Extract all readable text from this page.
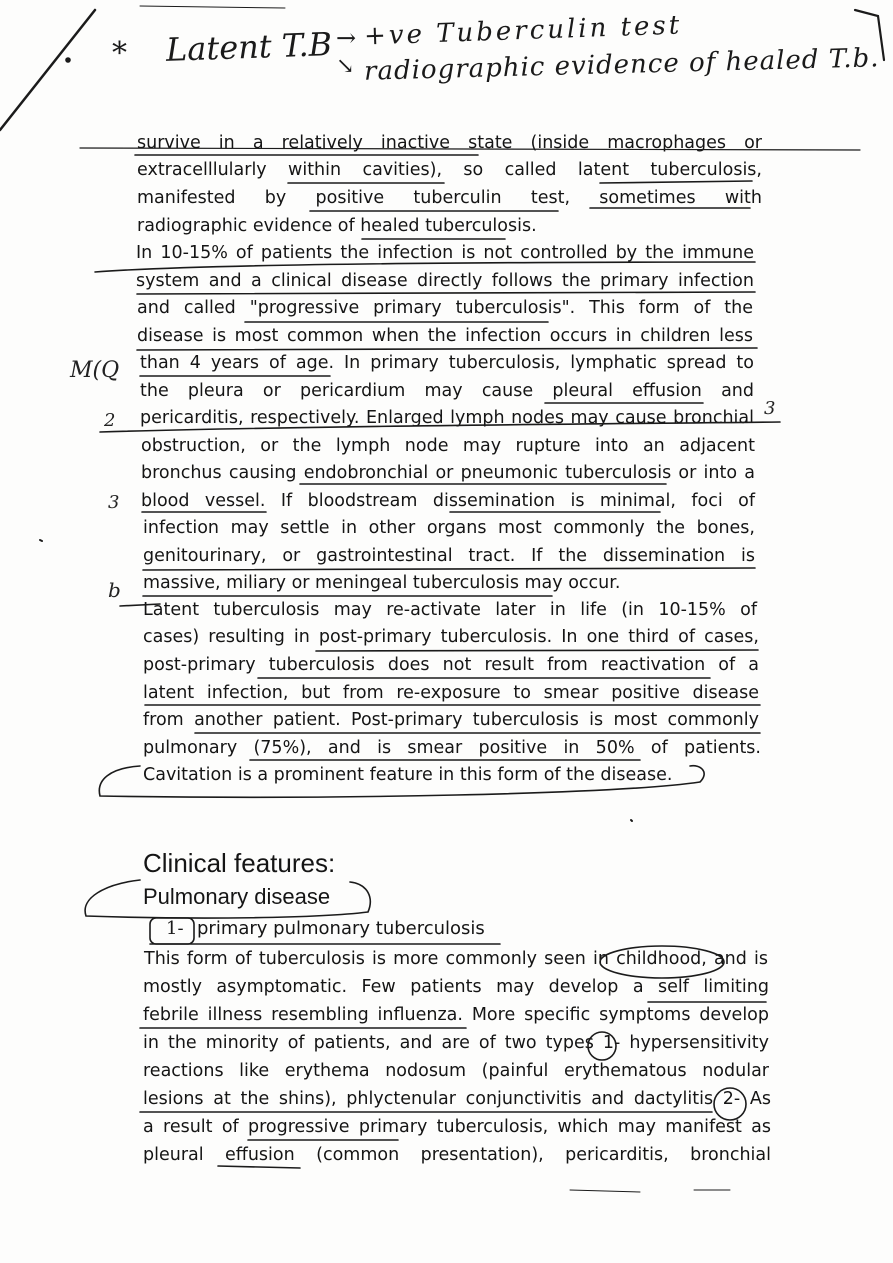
* Latent T.B → +ve Tuberculin test
↘ radiographic evidence of healed T.b.
survive in a relatively inactive state (inside macrophages or
extracelllularly within cavities), so called latent tuberculosis,
manifested by positive tuberculin test, sometimes with
radiographic evidence of healed tuberculosis.
In 10-15% of patients the infection is not controlled by the immune
system and a clinical disease directly follows the primary infection
and called "progressive primary tuberculosis". This form of the
disease is most common when the infection occurs in children less
than 4 years of age. In primary tuberculosis, lymphatic spread to
the pleura or pericardium may cause pleural effusion and
pericarditis, respectively. Enlarged lymph nodes may cause bronchial
obstruction, or the lymph node may rupture into an adjacent
bronchus causing endobronchial or pneumonic tuberculosis or into a
blood vessel. If bloodstream dissemination is minimal, foci of
infection may settle in other organs most commonly the bones,
genitourinary, or gastrointestinal tract. If the dissemination is
massive, miliary or meningeal tuberculosis may occur.
Latent tuberculosis may re-activate later in life (in 10-15% of
cases) resulting in post-primary tuberculosis. In one third of cases,
post-primary tuberculosis does not result from reactivation of a
latent infection, but from re-exposure to smear positive disease
from another patient. Post-primary tuberculosis is most commonly
pulmonary (75%), and is smear positive in 50% of patients.
Cavitation is a prominent feature in this form of the disease.
M(Q
2
3
3
b
Clinical features:
Pulmonary disease
1- primary pulmonary tuberculosis
This form of tuberculosis is more commonly seen in childhood, and is
mostly asymptomatic. Few patients may develop a self limiting
febrile illness resembling influenza. More specific symptoms develop
in the minority of patients, and are of two types 1- hypersensitivity
reactions like erythema nodosum (painful erythematous nodular
lesions at the shins), phlyctenular conjunctivitis and dactylitis 2- As
a result of progressive primary tuberculosis, which may manifest as
pleural effusion (common presentation), pericarditis, bronchial
